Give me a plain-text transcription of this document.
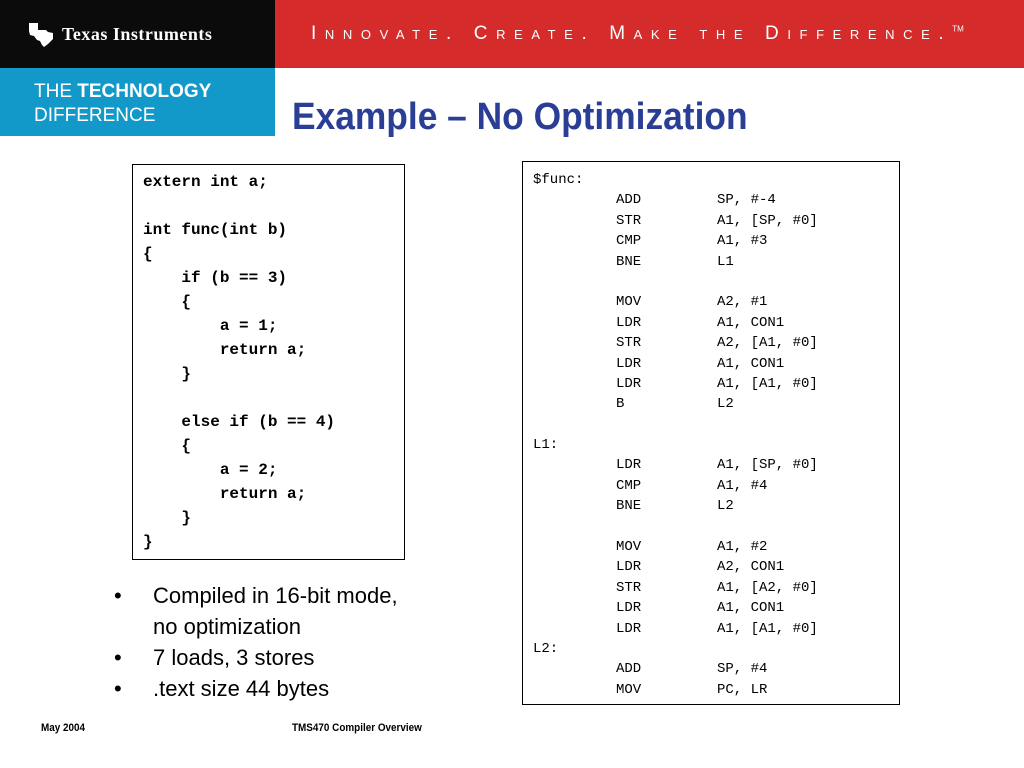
Texas Instruments	Innovate. Create. Make the Difference.™
THE TECHNOLOGY
DIFFERENCE	Example – No Optimization
extern int a;
int func(int b)
{
if (b == 3)
{
a = 1;
return a;
}
else if (b == 4)
{
a = 2;
return a;
}
}
$func:
ADD	SP, #-4
STR	A1, [SP, #0]
CMP	A1, #3
BNE	L1
MOV	A2, #1
LDR	A1, CON1
STR	A2, [A1, #0]
LDR	A1, CON1
LDR	A1, [A1, #0]
B	L2
L1:
LDR	A1, [SP, #0]
CMP	A1, #4
BNE	L2
MOV	A1, #2
LDR	A2, CON1
STR	A1, [A2, #0]
LDR	A1, CON1
LDR	A1, [A1, #0]
L2:
ADD	SP, #4
MOV	PC, LR
• Compiled in 16-bit mode, no optimization
• 7 loads, 3 stores
• .text size 44 bytes
May 2004	TMS470 Compiler Overview
